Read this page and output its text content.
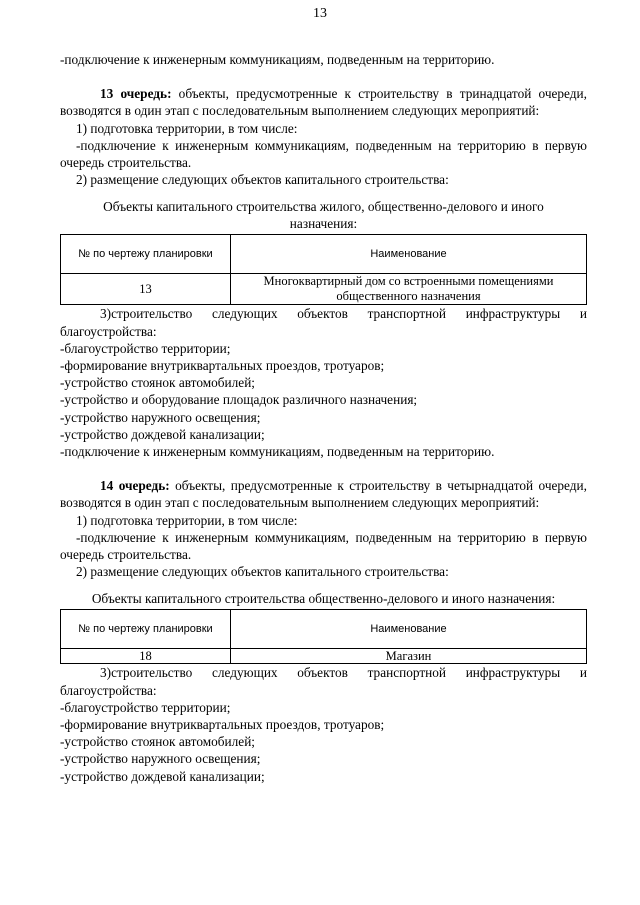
13

-подключение к инженерным коммуникациям, подведенным на территорию.

13 очередь: объекты, предусмотренные к строительству в тринадцатой очереди, возводятся в один этап с последовательным выполнением следующих мероприятий:

1) подготовка территории, в том числе:

-подключение к инженерным коммуникациям, подведенным на территорию в первую очередь строительства.

2) размещение следующих объектов капитального строительства:

Объекты капитального строительства жилого, общественно-делового и иного назначения:

№ по чертежу планировки	Наименование
13	Многоквартирный дом со встроенными помещениями общественного назначения

3)строительство следующих объектов транспортной инфраструктуры и благоустройства:

-благоустройство территории;

-формирование внутриквартальных проездов, тротуаров;

-устройство стоянок автомобилей;

-устройство и оборудование площадок различного назначения;

-устройство наружного освещения;

-устройство дождевой канализации;

-подключение к инженерным коммуникациям, подведенным на территорию.

14 очередь: объекты, предусмотренные к строительству в четырнадцатой очереди, возводятся в один этап с последовательным выполнением следующих мероприятий:

1) подготовка территории, в том числе:

-подключение к инженерным коммуникациям, подведенным на территорию в первую очередь строительства.

2) размещение следующих объектов капитального строительства:

Объекты капитального строительства общественно-делового и иного назначения:

№ по чертежу планировки	Наименование
18	Магазин

3)строительство следующих объектов транспортной инфраструктуры и благоустройства:

-благоустройство территории;

-формирование внутриквартальных проездов, тротуаров;

-устройство стоянок автомобилей;

-устройство наружного освещения;

-устройство дождевой канализации;
